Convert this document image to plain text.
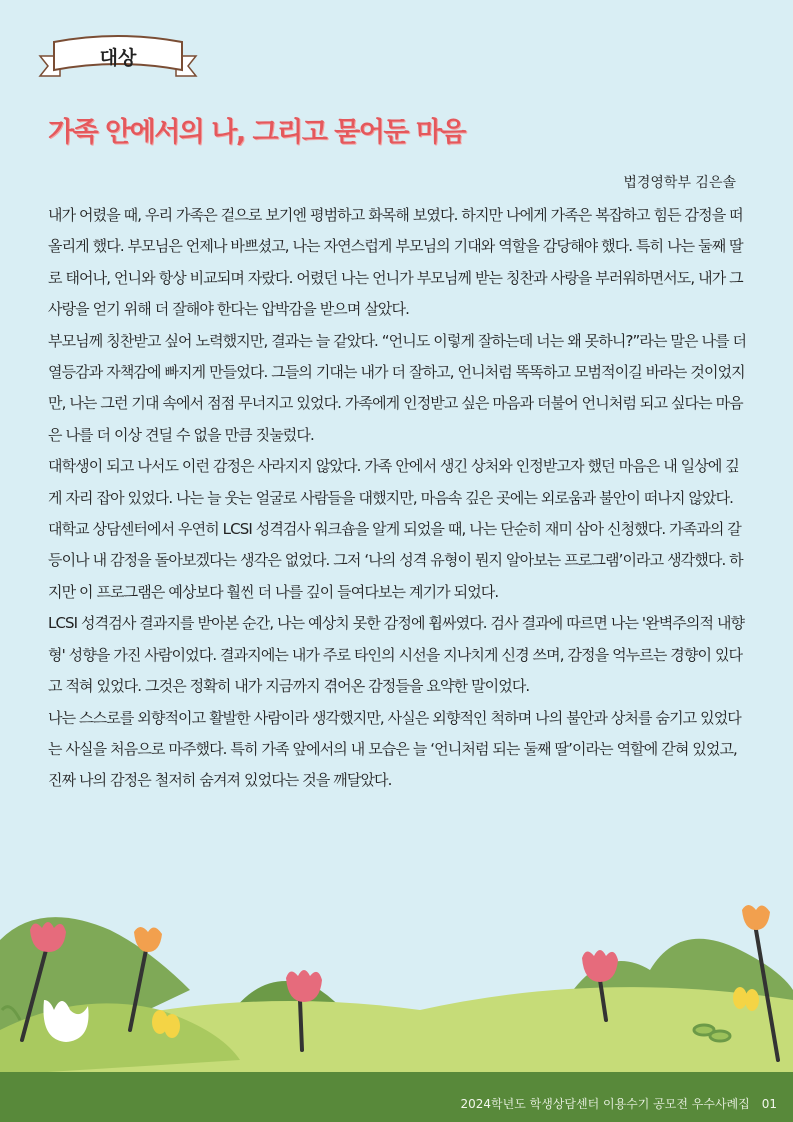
대상
가족 안에서의 나, 그리고 묻어둔 마음
법경영학부 김은솔

내가 어렸을 때, 우리 가족은 겉으로 보기엔 평범하고 화목해 보였다. 하지만 나에게 가족은 복잡하고 힘든 감정을 떠올리게 했다. 부모님은 언제나 바쁘셨고, 나는 자연스럽게 부모님의 기대와 역할을 감당해야 했다. 특히 나는 둘째 딸로 태어나, 언니와 항상 비교되며 자랐다. 어렸던 나는 언니가 부모님께 받는 칭찬과 사랑을 부러워하면서도, 내가 그 사랑을 얻기 위해 더 잘해야 한다는 압박감을 받으며 살았다.

부모님께 칭찬받고 싶어 노력했지만, 결과는 늘 같았다. “언니도 이렇게 잘하는데 너는 왜 못하니?”라는 말은 나를 더 열등감과 자책감에 빠지게 만들었다. 그들의 기대는 내가 더 잘하고, 언니처럼 똑똑하고 모범적이길 바라는 것이었지만, 나는 그런 기대 속에서 점점 무너지고 있었다. 가족에게 인정받고 싶은 마음과 더불어 언니처럼 되고 싶다는 마음은 나를 더 이상 견딜 수 없을 만큼 짓눌렀다.

대학생이 되고 나서도 이런 감정은 사라지지 않았다. 가족 안에서 생긴 상처와 인정받고자 했던 마음은 내 일상에 깊게 자리 잡아 있었다. 나는 늘 웃는 얼굴로 사람들을 대했지만, 마음속 깊은 곳에는 외로움과 불안이 떠나지 않았다.

대학교 상담센터에서 우연히 LCSI 성격검사 워크숍을 알게 되었을 때, 나는 단순히 재미 삼아 신청했다. 가족과의 갈등이나 내 감정을 돌아보겠다는 생각은 없었다. 그저 ‘나의 성격 유형이 뭔지 알아보는 프로그램’이라고 생각했다. 하지만 이 프로그램은 예상보다 훨씬 더 나를 깊이 들여다보는 계기가 되었다.

LCSI 성격검사 결과지를 받아본 순간, 나는 예상치 못한 감정에 휩싸였다. 검사 결과에 따르면 나는 '완벽주의적 내향형' 성향을 가진 사람이었다. 결과지에는 내가 주로 타인의 시선을 지나치게 신경 쓰며, 감정을 억누르는 경향이 있다고 적혀 있었다. 그것은 정확히 내가 지금까지 겪어온 감정들을 요약한 말이었다.

나는 스스로를 외향적이고 활발한 사람이라 생각했지만, 사실은 외향적인 척하며 나의 불안과 상처를 숨기고 있었다는 사실을 처음으로 마주했다. 특히 가족 앞에서의 내 모습은 늘 ‘언니처럼 되는 둘째 딸’이라는 역할에 갇혀 있었고, 진짜 나의 감정은 철저히 숨겨져 있었다는 것을 깨달았다.

2024학년도 학생상담센터 이용수기 공모전 우수사례집 01
